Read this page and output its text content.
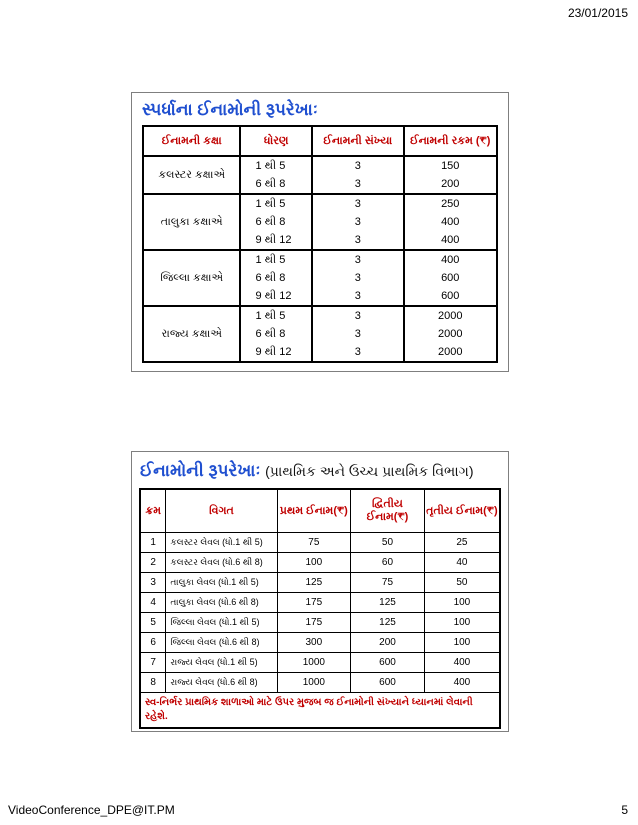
23/01/2015
સ્પર્ધાના ઈનામોની રૂપરેખાઃ
ઈનામની કક્ષા	ધોરણ	ઈનામની સંખ્યા	ઈનામની રકમ (₹)
કલસ્ટર કક્ષાએ	1 થી 5	3	150
	6 થી 8	3	200
તાલુકા કક્ષાએ	1 થી 5	3	250
	6 થી 8	3	400
	9 થી 12	3	400
જિલ્લા કક્ષાએ	1 થી 5	3	400
	6 થી 8	3	600
	9 થી 12	3	600
રાજ્ય કક્ષાએ	1 થી 5	3	2000
	6 થી 8	3	2000
	9 થી 12	3	2000
ઈનામોની રૂપરેખાઃ (પ્રાથમિક અને ઉચ્ચ પ્રાથમિક વિભાગ)
ક્રમ	વિગત	પ્રથમ ઈનામ(₹)	દ્વિતીય ઈનામ(₹)	તૃતીય ઈનામ(₹)
1	કલસ્ટર લેવલ (ધો.1 થી 5)	75	50	25
2	કલસ્ટર લેવલ (ધો.6 થી 8)	100	60	40
3	તાલુકા લેવલ (ધો.1 થી 5)	125	75	50
4	તાલુકા લેવલ (ધો.6 થી 8)	175	125	100
5	જિલ્લા લેવલ (ધો.1 થી 5)	175	125	100
6	જિલ્લા લેવલ (ધો.6 થી 8)	300	200	100
7	રાજ્ય લેવલ (ધો.1 થી 5)	1000	600	400
8	રાજ્ય લેવલ (ધો.6 થી 8)	1000	600	400
સ્વ-નિર્ભર પ્રાથમિક શાળાઓ માટે ઉપર મુજબ જ ઈનામોની સંખ્યાને ધ્યાનમાં લેવાની રહેશે.				
VideoConference_DPE@IT.PM	5
